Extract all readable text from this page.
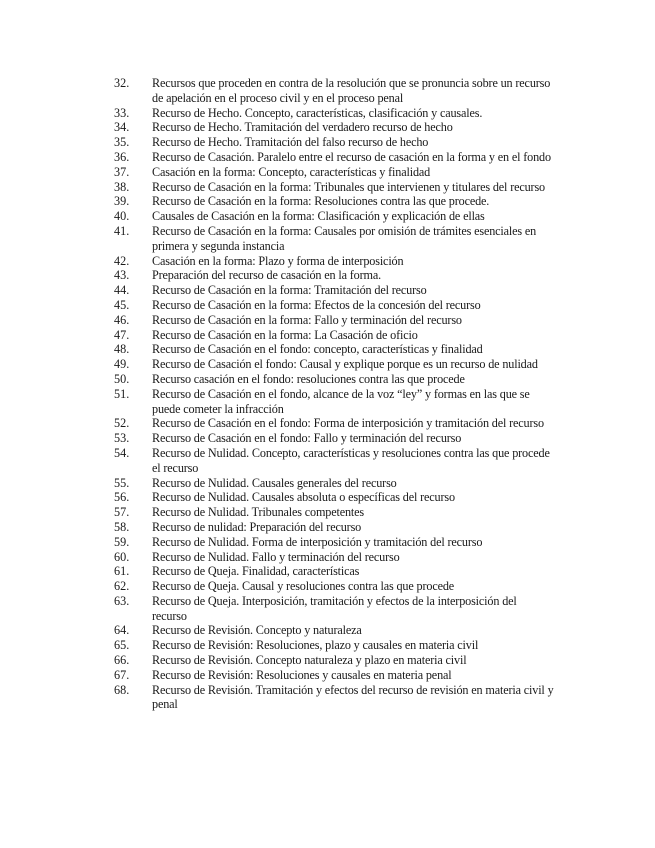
32.	Recursos que proceden en contra de la resolución que se pronuncia sobre un recurso de apelación en el proceso civil y en el proceso penal
33.	Recurso de Hecho. Concepto, características, clasificación y causales.
34.	Recurso de Hecho. Tramitación del verdadero recurso de hecho
35.	Recurso de Hecho. Tramitación del falso recurso de hecho
36.	Recurso de Casación. Paralelo entre el recurso de casación en la forma y en el fondo
37.	Casación en la forma: Concepto, características y finalidad
38.	Recurso de Casación en la forma: Tribunales que intervienen y titulares del recurso
39.	Recurso de Casación en la forma: Resoluciones contra las que procede.
40.	Causales de Casación en la forma: Clasificación y explicación de ellas
41.	Recurso de Casación en la forma: Causales por omisión de trámites esenciales en primera y segunda instancia
42.	Casación en la forma: Plazo y forma de interposición
43.	Preparación del recurso de casación en la forma.
44.	Recurso de Casación en la forma: Tramitación del recurso
45.	Recurso de Casación en la forma: Efectos de la concesión del recurso
46.	Recurso de Casación en la forma: Fallo y terminación del recurso
47.	Recurso de Casación en la forma: La Casación de oficio
48.	Recurso de Casación en el fondo: concepto, características y finalidad
49.	Recurso de Casación el fondo: Causal y explique porque es un recurso de nulidad
50.	Recurso casación en el fondo: resoluciones contra las que procede
51.	Recurso de Casación en el fondo, alcance de la voz “ley” y formas en las que se puede cometer la infracción
52.	Recurso de Casación en el fondo: Forma de interposición y tramitación del recurso
53.	Recurso de Casación en el fondo: Fallo y terminación del recurso
54.	Recurso de Nulidad. Concepto, características y resoluciones contra las que procede el recurso
55.	Recurso de Nulidad. Causales generales del recurso
56.	Recurso de Nulidad. Causales absoluta o específicas del recurso
57.	Recurso de Nulidad. Tribunales competentes
58.	Recurso de nulidad: Preparación del recurso
59.	Recurso de Nulidad. Forma de interposición y tramitación del recurso
60.	Recurso de Nulidad. Fallo y terminación del recurso
61.	Recurso de Queja. Finalidad, características
62.	Recurso de Queja. Causal y resoluciones contra las que procede
63.	Recurso de Queja. Interposición, tramitación y efectos de la interposición del recurso
64.	Recurso de Revisión. Concepto y naturaleza
65.	Recurso de Revisión: Resoluciones, plazo y causales en materia civil
66.	Recurso de Revisión. Concepto naturaleza y plazo en materia civil
67.	Recurso de Revisión: Resoluciones y causales en materia penal
68.	Recurso de Revisión. Tramitación y efectos del recurso de revisión en materia civil y penal
